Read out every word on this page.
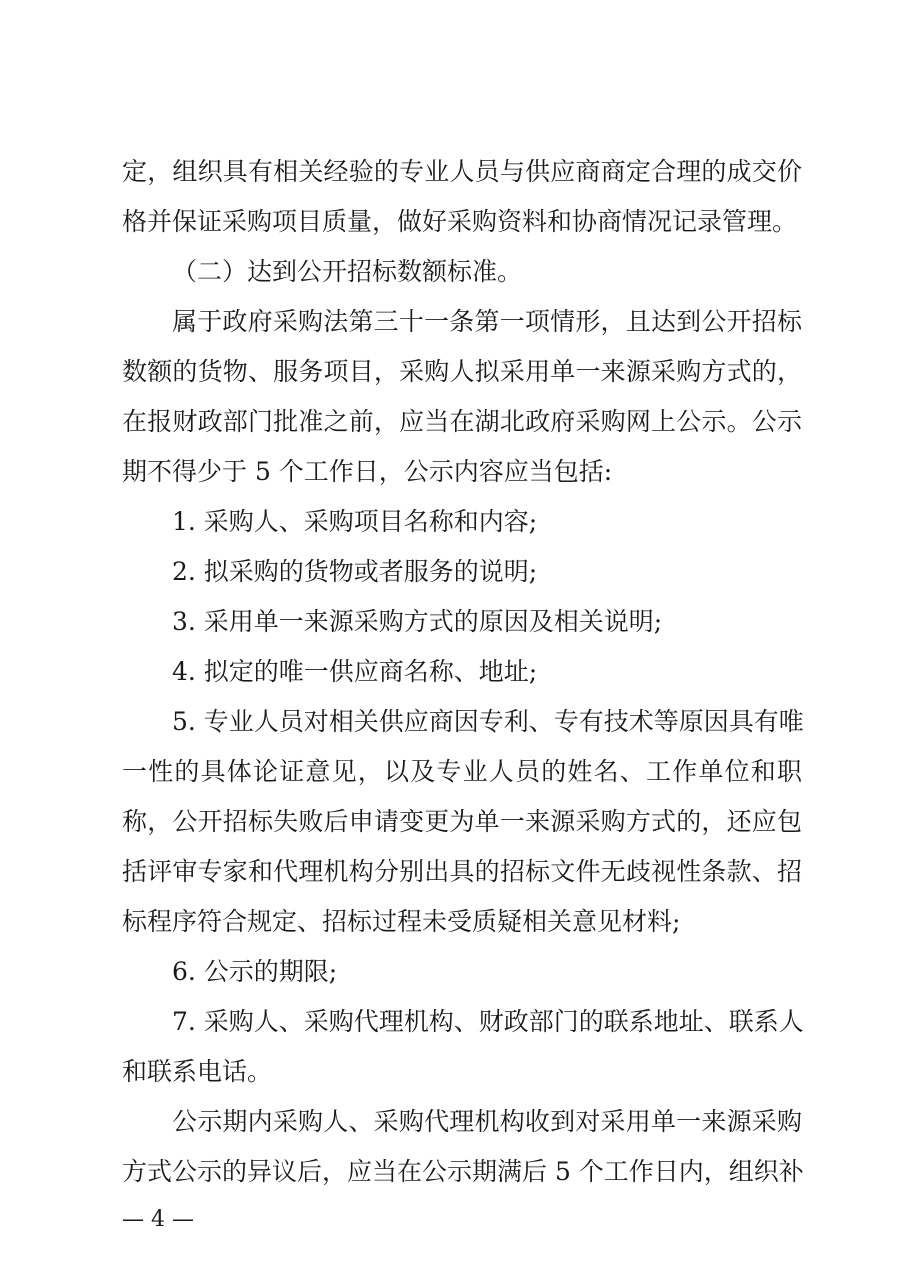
定，组织具有相关经验的专业人员与供应商商定合理的成交价
格并保证采购项目质量，做好采购资料和协商情况记录管理。
（二）达到公开招标数额标准。
属于政府采购法第三十一条第一项情形，且达到公开招标
数额的货物、服务项目，采购人拟采用单一来源采购方式的，
在报财政部门批准之前，应当在湖北政府采购网上公示。公示
期不得少于 5 个工作日，公示内容应当包括:
1. 采购人、采购项目名称和内容;
2. 拟采购的货物或者服务的说明;
3. 采用单一来源采购方式的原因及相关说明;
4. 拟定的唯一供应商名称、地址;
5. 专业人员对相关供应商因专利、专有技术等原因具有唯
一性的具体论证意见，以及专业人员的姓名、工作单位和职
称，公开招标失败后申请变更为单一来源采购方式的，还应包
括评审专家和代理机构分别出具的招标文件无歧视性条款、招
标程序符合规定、招标过程未受质疑相关意见材料;
6. 公示的期限;
7. 采购人、采购代理机构、财政部门的联系地址、联系人
和联系电话。
公示期内采购人、采购代理机构收到对采用单一来源采购
方式公示的异议后，应当在公示期满后 5 个工作日内，组织补
— 4 —
